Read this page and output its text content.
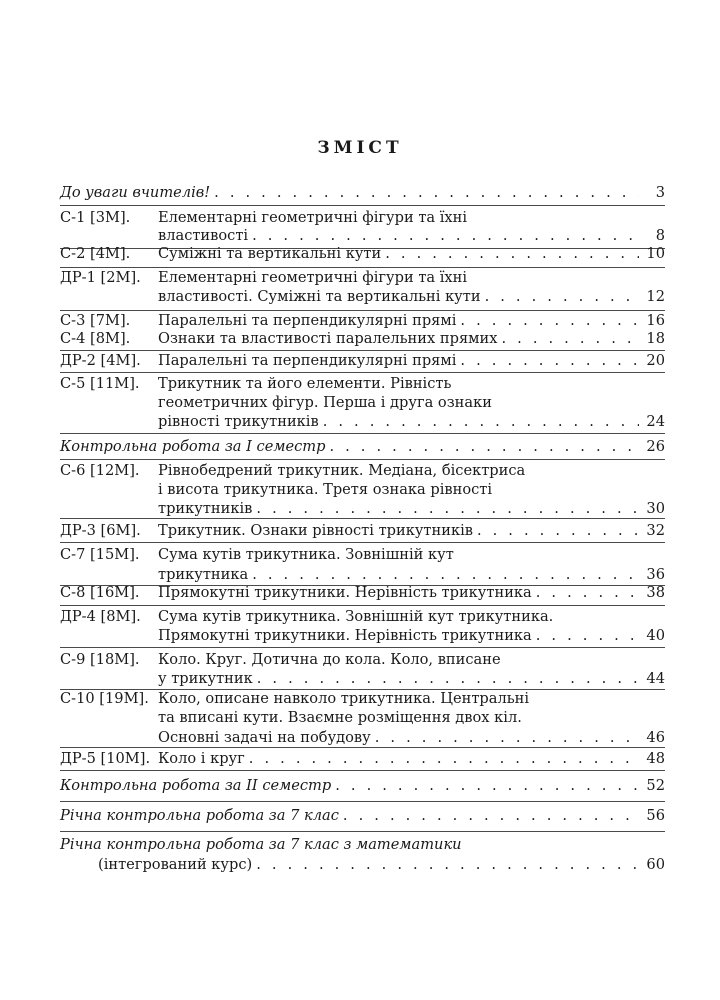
ЗМІСТ
До уваги вчителів! . . .	3
С-1 [3М]. Елементарні геометричні фігури та їхні
властивості . . .	8
С-2 [4М]. Суміжні та вертикальні кути . . .	10
ДР-1 [2М]. Елементарні геометричні фігури та їхні
властивості. Суміжні та вертикальні кути . . .	12
С-3 [7М]. Паралельні та перпендикулярні прямі . . .	16
С-4 [8М]. Ознаки та властивості паралельних прямих . . .	18
ДР-2 [4М]. Паралельні та перпендикулярні прямі . . .	20
С-5 [11М]. Трикутник та його елементи. Рівність
геометричних фігур. Перша і друга ознаки
рівності трикутників . . .	24
Контрольна робота за I семестр . . .	26
С-6 [12М]. Рівнобедрений трикутник. Медіана, бісектриса
і висота трикутника. Третя ознака рівності
трикутників . . .	30
ДР-3 [6М]. Трикутник. Ознаки рівності трикутників . . .	32
С-7 [15М]. Сума кутів трикутника. Зовнішній кут
трикутника . . .	36
С-8 [16М]. Прямокутні трикутники. Нерівність трикутника . . .	38
ДР-4 [8М]. Сума кутів трикутника. Зовнішній кут трикутника.
Прямокутні трикутники. Нерівність трикутника . . .	40
С-9 [18М]. Коло. Круг. Дотична до кола. Коло, вписане
у трикутник . . .	44
С-10 [19М]. Коло, описане навколо трикутника. Центральні
та вписані кути. Взаємне розміщення двох кіл.
Основні задачі на побудову . . .	46
ДР-5 [10М]. Коло і круг . . .	48
Контрольна робота за II семестр . . .	52
Річна контрольна робота за 7 клас . . .	56
Річна контрольна робота за 7 клас з математики
(інтегрований курс) . . .	60
